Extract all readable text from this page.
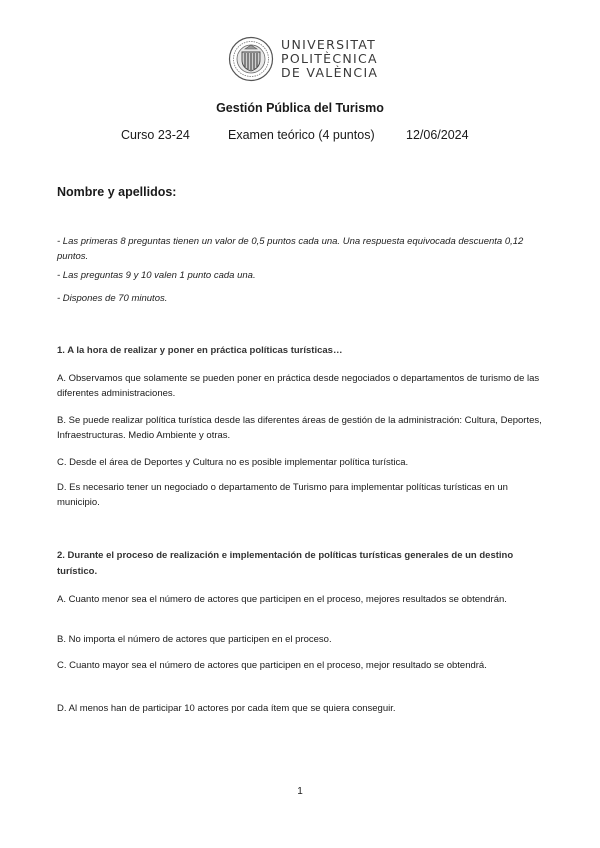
UNIVERSITAT
POLITÈCNICA
DE VALÈNCIA
Gestión Pública del Turismo
Curso 23-24	Examen teórico (4 puntos)	12/06/2024
Nombre y apellidos:
- Las primeras 8 preguntas tienen un valor de 0,5 puntos cada una. Una respuesta equivocada descuenta 0,12 puntos.
- Las preguntas 9 y 10 valen 1 punto cada una.
- Dispones de 70 minutos.
1. A la hora de realizar y poner en práctica políticas turísticas…
A. Observamos que solamente se pueden poner en práctica desde negociados o departamentos de turismo de las diferentes administraciones.
B. Se puede realizar política turística desde las diferentes áreas de gestión de la administración: Cultura, Deportes, Infraestructuras. Medio Ambiente y otras.
C. Desde el área de Deportes y Cultura no es posible implementar política turística.
D. Es necesario tener un negociado o departamento de Turismo para implementar políticas turísticas en un municipio.
2. Durante el proceso de realización e implementación de políticas turísticas generales de un destino turístico.
A. Cuanto menor sea el número de actores que participen en el proceso, mejores resultados se obtendrán.
B. No importa el número de actores que participen en el proceso.
C. Cuanto mayor sea el número de actores que participen en el proceso, mejor resultado se obtendrá.
D. Al menos han de participar 10 actores por cada ítem que se quiera conseguir.
1
